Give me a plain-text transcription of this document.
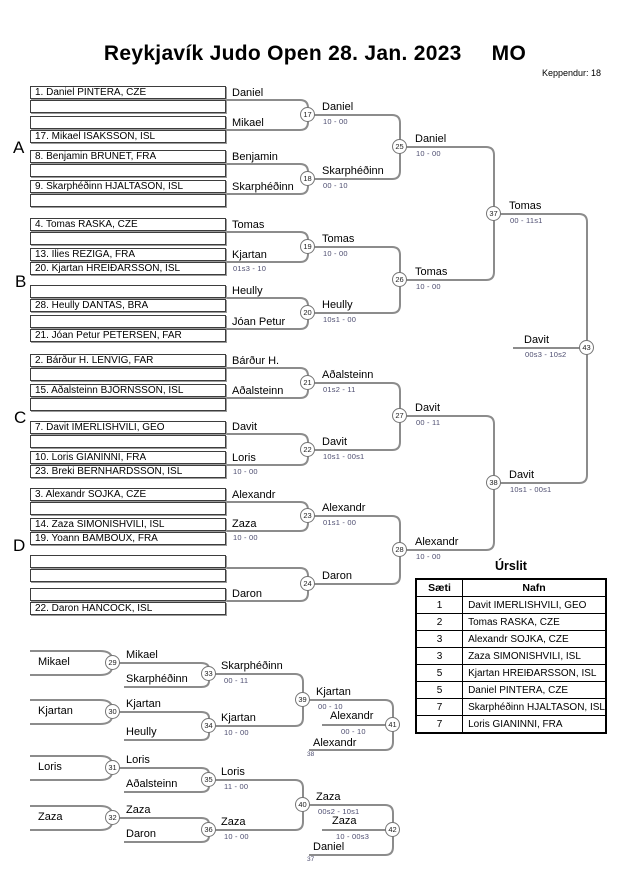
Reykjavík Judo Open 28. Jan. 2023 MO
Keppendur: 18
A
B
C
D
1. Daniel PINTERA, CZE
17. Mikael ISAKSSON, ISL
8. Benjamin BRUNET, FRA
9. Skarphéðinn HJALTASON, ISL
4. Tomas RASKA, CZE
13. Ilies REZIGA, FRA
20. Kjartan HREIÐARSSON, ISL
28. Heully DANTAS, BRA
21. Jóan Petur PETERSEN, FAR
2. Bárður H. LENVIG, FAR
15. Aðalsteinn BJÖRNSSON, ISL
7. Davit IMERLISHVILI, GEO
10. Loris GIANINNI, FRA
23. Breki BERNHARDSSON, ISL
3. Alexandr SOJKA, CZE
14. Zaza SIMONISHVILI, ISL
19. Yoann BAMBOUX, FRA
22. Daron HANCOCK, ISL
Daniel
Mikael
Benjamin
Skarphéðinn
Tomas
Kjartan
01s3 - 10
Heully
Jóan Petur
Bárður H.
Aðalsteinn
Davit
Loris
10 - 00
Alexandr
Zaza
10 - 00
Daron
Daniel
10 - 00
Skarphéðinn
00 - 10
Tomas
10 - 00
Heully
10s1 - 00
Aðalsteinn
01s2 - 11
Davit
10s1 - 00s1
Alexandr
01s1 - 00
Daron
Daniel
10 - 00
Tomas
10 - 00
Davit
00 - 11
Alexandr
10 - 00
Tomas
00 - 11s1
Davit
10s1 - 00s1
Davit
00s3 - 10s2
17
18
19
20
21
22
23
24
25
26
27
28
37
38
43
Mikael
Kjartan
Loris
Zaza
Mikael
Skarphéðinn
Kjartan
Heully
Loris
Aðalsteinn
Zaza
Daron
Skarphéðinn
00 - 11
Kjartan
10 - 00
Loris
11 - 00
Zaza
10 - 00
Kjartan
00 - 10
Zaza
00s2 - 10s1
Alexandr
00 - 10
Alexandr
38
Zaza
10 - 00s3
Daniel
37
29
30
31
32
33
34
35
36
39
40
41
42
Úrslit
Sæti	Nafn
1	Davit IMERLISHVILI, GEO
2	Tomas RASKA, CZE
3	Alexandr SOJKA, CZE
3	Zaza SIMONISHVILI, ISL
5	Kjartan HREIÐARSSON, ISL
5	Daniel PINTERA, CZE
7	Skarphéðinn HJALTASON, ISL
7	Loris GIANINNI, FRA
